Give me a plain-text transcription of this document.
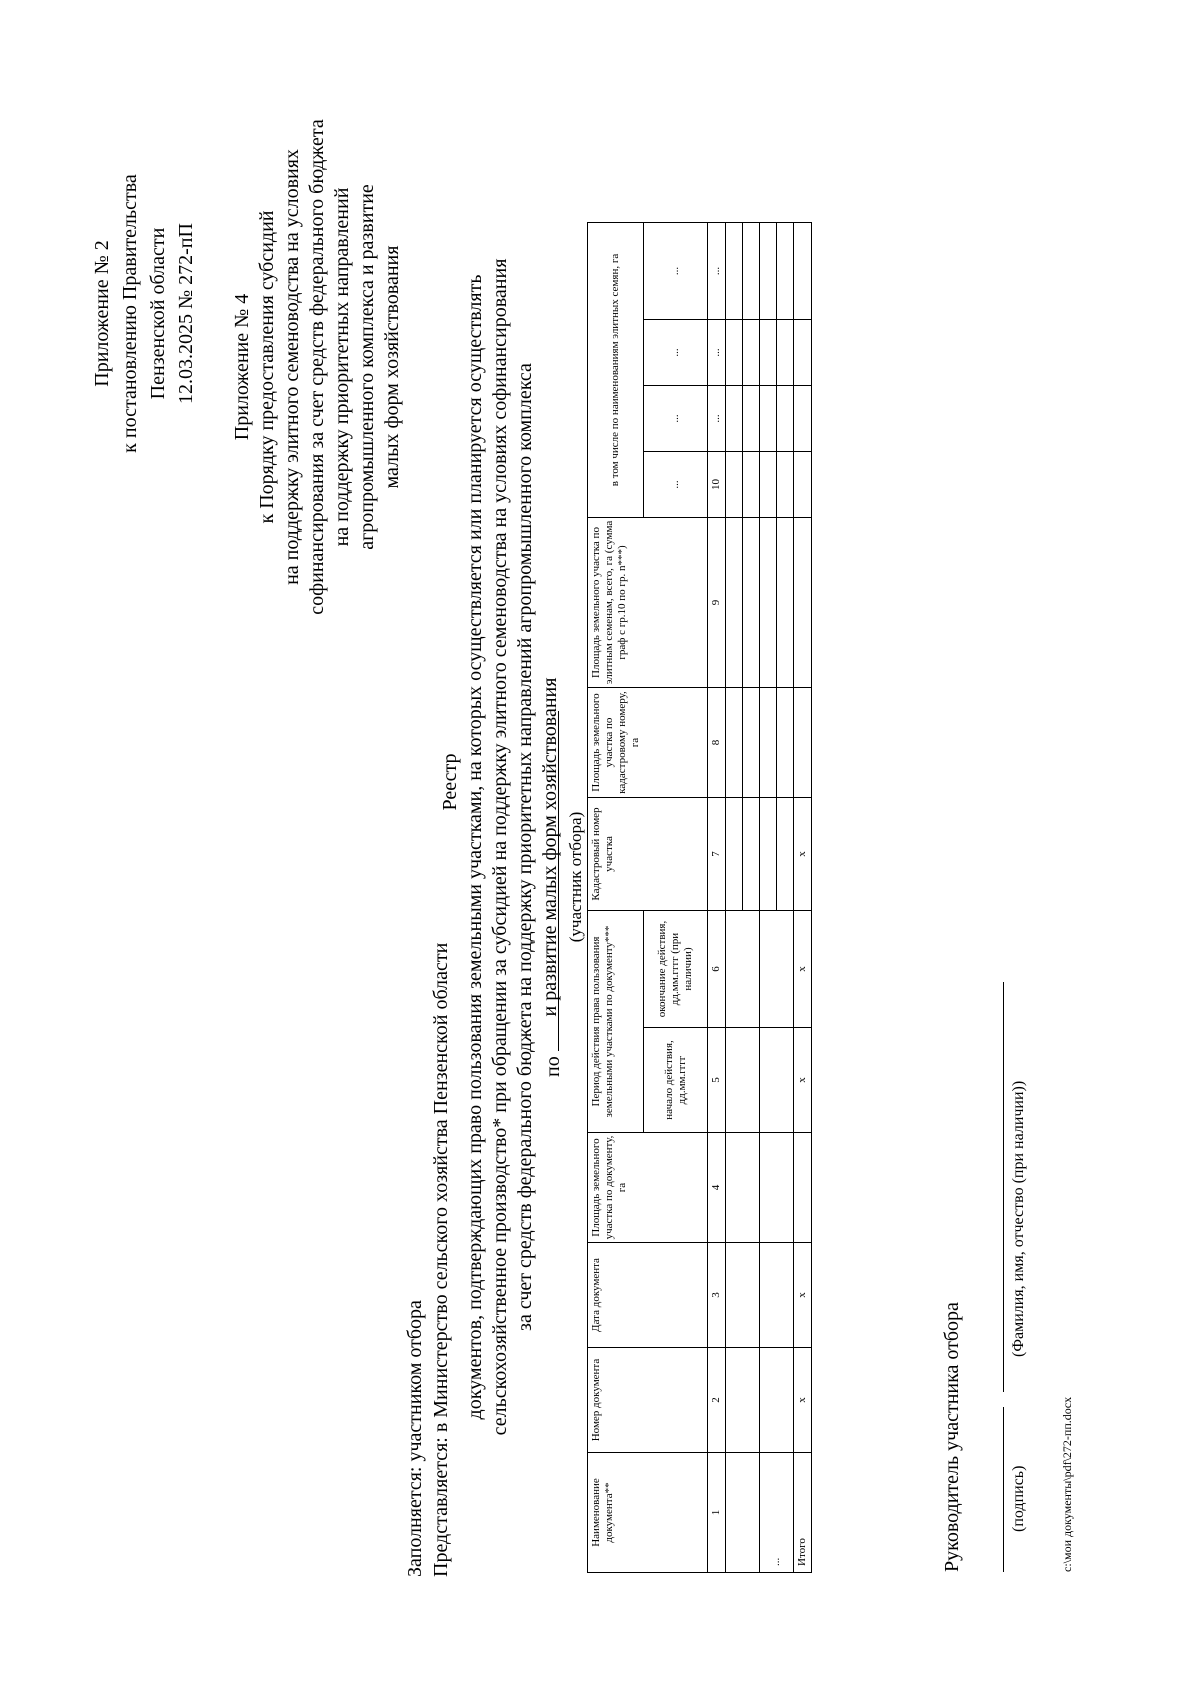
Приложение № 2 к постановлению Правительства Пензенской области 12.03.2025 № 272-пП Приложение № 4 к Порядку предоставления субсидий на поддержку элитного семеноводства на условиях софинансирования за счет средств федерального бюджета на поддержку приоритетных направлений агропромышленного комплекса и развитие малых форм хозяйствования
Заполняется: участником отбора Представляется: в Министерство сельского хозяйства Пензенской области
Реестр документов, подтверждающих право пользования земельными участками, на которых осуществляется или планируется осуществлять сельскохозяйственное производство* при обращении за субсидией на поддержку элитного семеноводства на условиях софинансирования за счет средств федерального бюджета на поддержку приоритетных направлений агропромышленного комплекса и развитие малых форм хозяйствования
по
(участник отбора)
Наименование документа**	Номер документа	Дата документа	Площадь земельного участка по документу, га	Период действия права пользования земельными участками по документу***		Кадастровый номер участка	Площадь земельного участка по кадастровому номеру, га	Площадь земельного участка по элитным семенам, всего, га (сумма граф с гр.10 по гр. n***)	в том числе по наименованиям элитных семян, га			
				начало действия, дд.мм.гггг	окончание действия, дд.мм.гггг (при наличии)				...	...	...	...
1	2	3	4	5	6	7	8	9	10	...	...	...

...												

Итого	x	x		x	x	x						
Руководитель участника отбора	(подпись)
(Фамилия, имя, отчество (при наличии))
c:\мои документы\pdf\272-пп.docx
